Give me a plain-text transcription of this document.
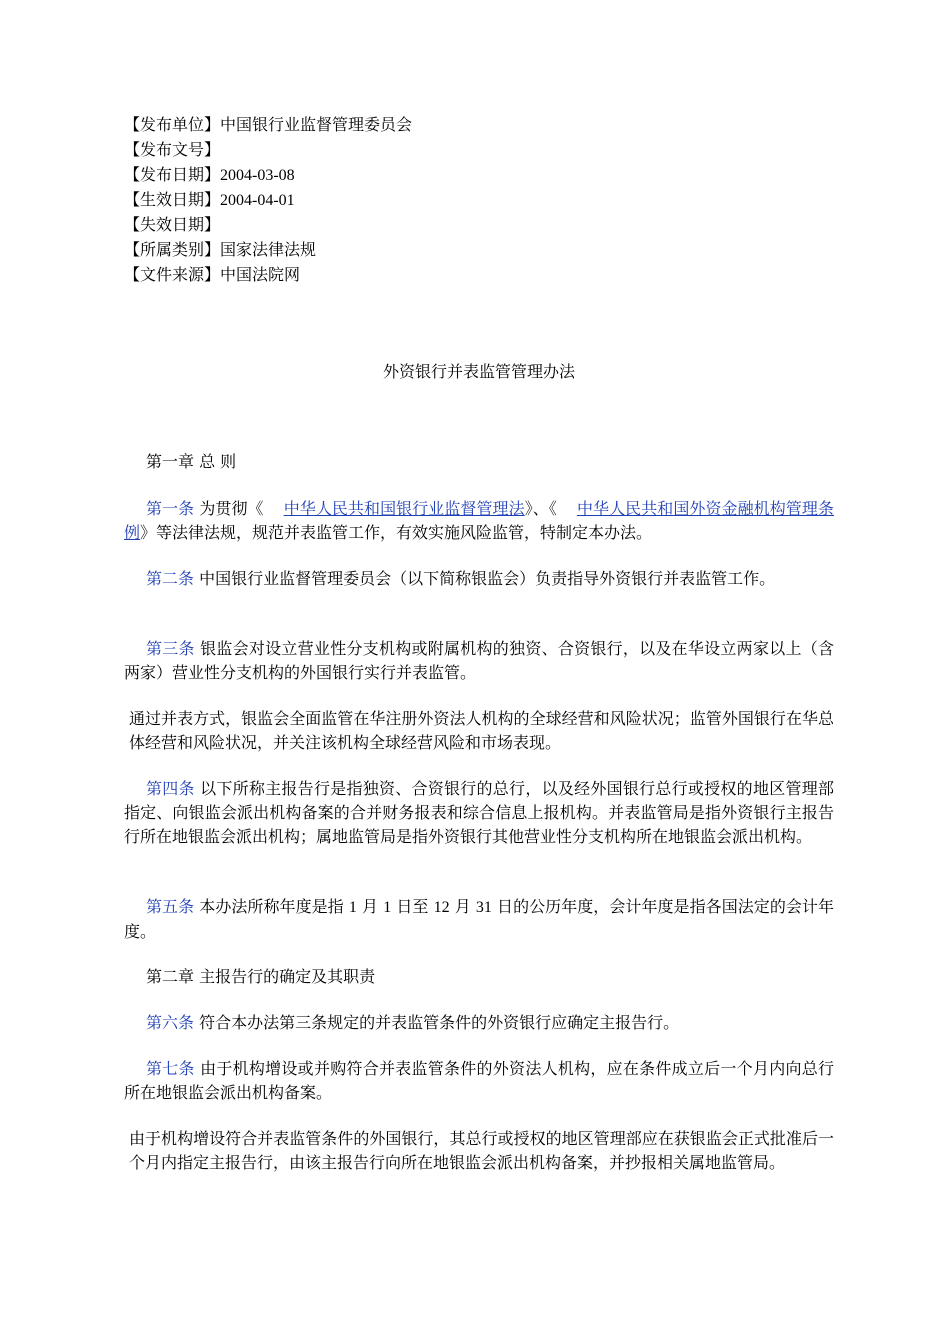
【发布单位】中国银行业监督管理委员会
【发布文号】
【发布日期】2004-03-08
【生效日期】2004-04-01
【失效日期】
【所属类别】国家法律法规
【文件来源】中国法院网
外资银行并表监管管理办法
第一章 总 则
第一条 为贯彻《 中华人民共和国银行业监督管理法》、《 中华人民共和国外资金融机构管理条例》等法律法规，规范并表监管工作，有效实施风险监管，特制定本办法。
第二条 中国银行业监督管理委员会（以下简称银监会）负责指导外资银行并表监管工作。
第三条 银监会对设立营业性分支机构或附属机构的独资、合资银行，以及在华设立两家以上（含两家）营业性分支机构的外国银行实行并表监管。
通过并表方式，银监会全面监管在华注册外资法人机构的全球经营和风险状况；监管外国银行在华总体经营和风险状况，并关注该机构全球经营风险和市场表现。
第四条 以下所称主报告行是指独资、合资银行的总行，以及经外国银行总行或授权的地区管理部指定、向银监会派出机构备案的合并财务报表和综合信息上报机构。并表监管局是指外资银行主报告行所在地银监会派出机构；属地监管局是指外资银行其他营业性分支机构所在地银监会派出机构。
第五条 本办法所称年度是指 1 月 1 日至 12 月 31 日的公历年度，会计年度是指各国法定的会计年度。
第二章 主报告行的确定及其职责
第六条 符合本办法第三条规定的并表监管条件的外资银行应确定主报告行。
第七条 由于机构增设或并购符合并表监管条件的外资法人机构，应在条件成立后一个月内向总行所在地银监会派出机构备案。
由于机构增设符合并表监管条件的外国银行，其总行或授权的地区管理部应在获银监会正式批准后一个月内指定主报告行，由该主报告行向所在地银监会派出机构备案，并抄报相关属地监管局。
